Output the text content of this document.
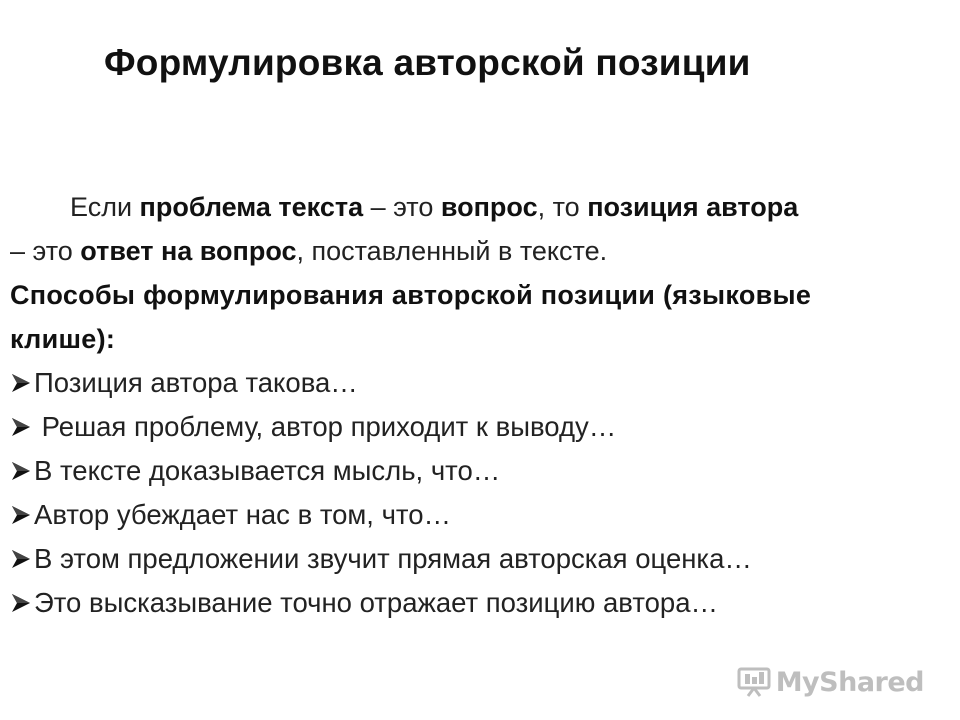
Формулировка авторской позиции
Если проблема текста – это вопрос, то позиция автора
– это ответ на вопрос, поставленный в тексте.
Способы формулирования авторской позиции (языковые
клише):
Позиция автора такова…
Решая проблему, автор приходит к выводу…
В тексте доказывается мысль, что…
Автор убеждает нас в том, что…
В этом предложении звучит прямая авторская оценка…
Это высказывание точно отражает позицию автора…
MyShared
